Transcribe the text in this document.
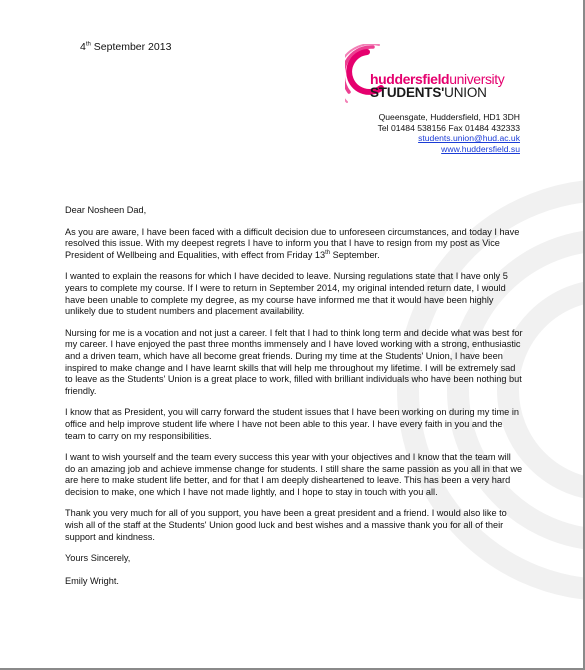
4th September 2013
huddersfielduniversity
STUDENTS'UNION
Queensgate, Huddersfield, HD1 3DH
Tel 01484 538156 Fax 01484 432333
students.union@hud.ac.uk
www.huddersfield.su

Dear Nosheen Dad,

As you are aware, I have been faced with a difficult decision due to unforeseen circumstances, and today I have resolved this issue. With my deepest regrets I have to inform you that I have to resign from my post as Vice President of Wellbeing and Equalities, with effect from Friday 13th September.

I wanted to explain the reasons for which I have decided to leave. Nursing regulations state that I have only 5 years to complete my course. If I were to return in September 2014, my original intended return date, I would have been unable to complete my degree, as my course have informed me that it would have been highly unlikely due to student numbers and placement availability.

Nursing for me is a vocation and not just a career. I felt that I had to think long term and decide what was best for my career. I have enjoyed the past three months immensely and I have loved working with a strong, enthusiastic and a driven team, which have all become great friends. During my time at the Students' Union, I have been inspired to make change and I have learnt skills that will help me throughout my lifetime. I will be extremely sad to leave as the Students' Union is a great place to work, filled with brilliant individuals who have been nothing but friendly.

I know that as President, you will carry forward the student issues that I have been working on during my time in office and help improve student life where I have not been able to this year. I have every faith in you and the team to carry on my responsibilities.

I want to wish yourself and the team every success this year with your objectives and I know that the team will do an amazing job and achieve immense change for students. I still share the same passion as you all in that we are here to make student life better, and for that I am deeply disheartened to leave. This has been a very hard decision to make, one which I have not made lightly, and I hope to stay in touch with you all.

Thank you very much for all of you support, you have been a great president and a friend. I would also like to wish all of the staff at the Students' Union good luck and best wishes and a massive thank you for all of their support and kindness.

Yours Sincerely,

Emily Wright.
